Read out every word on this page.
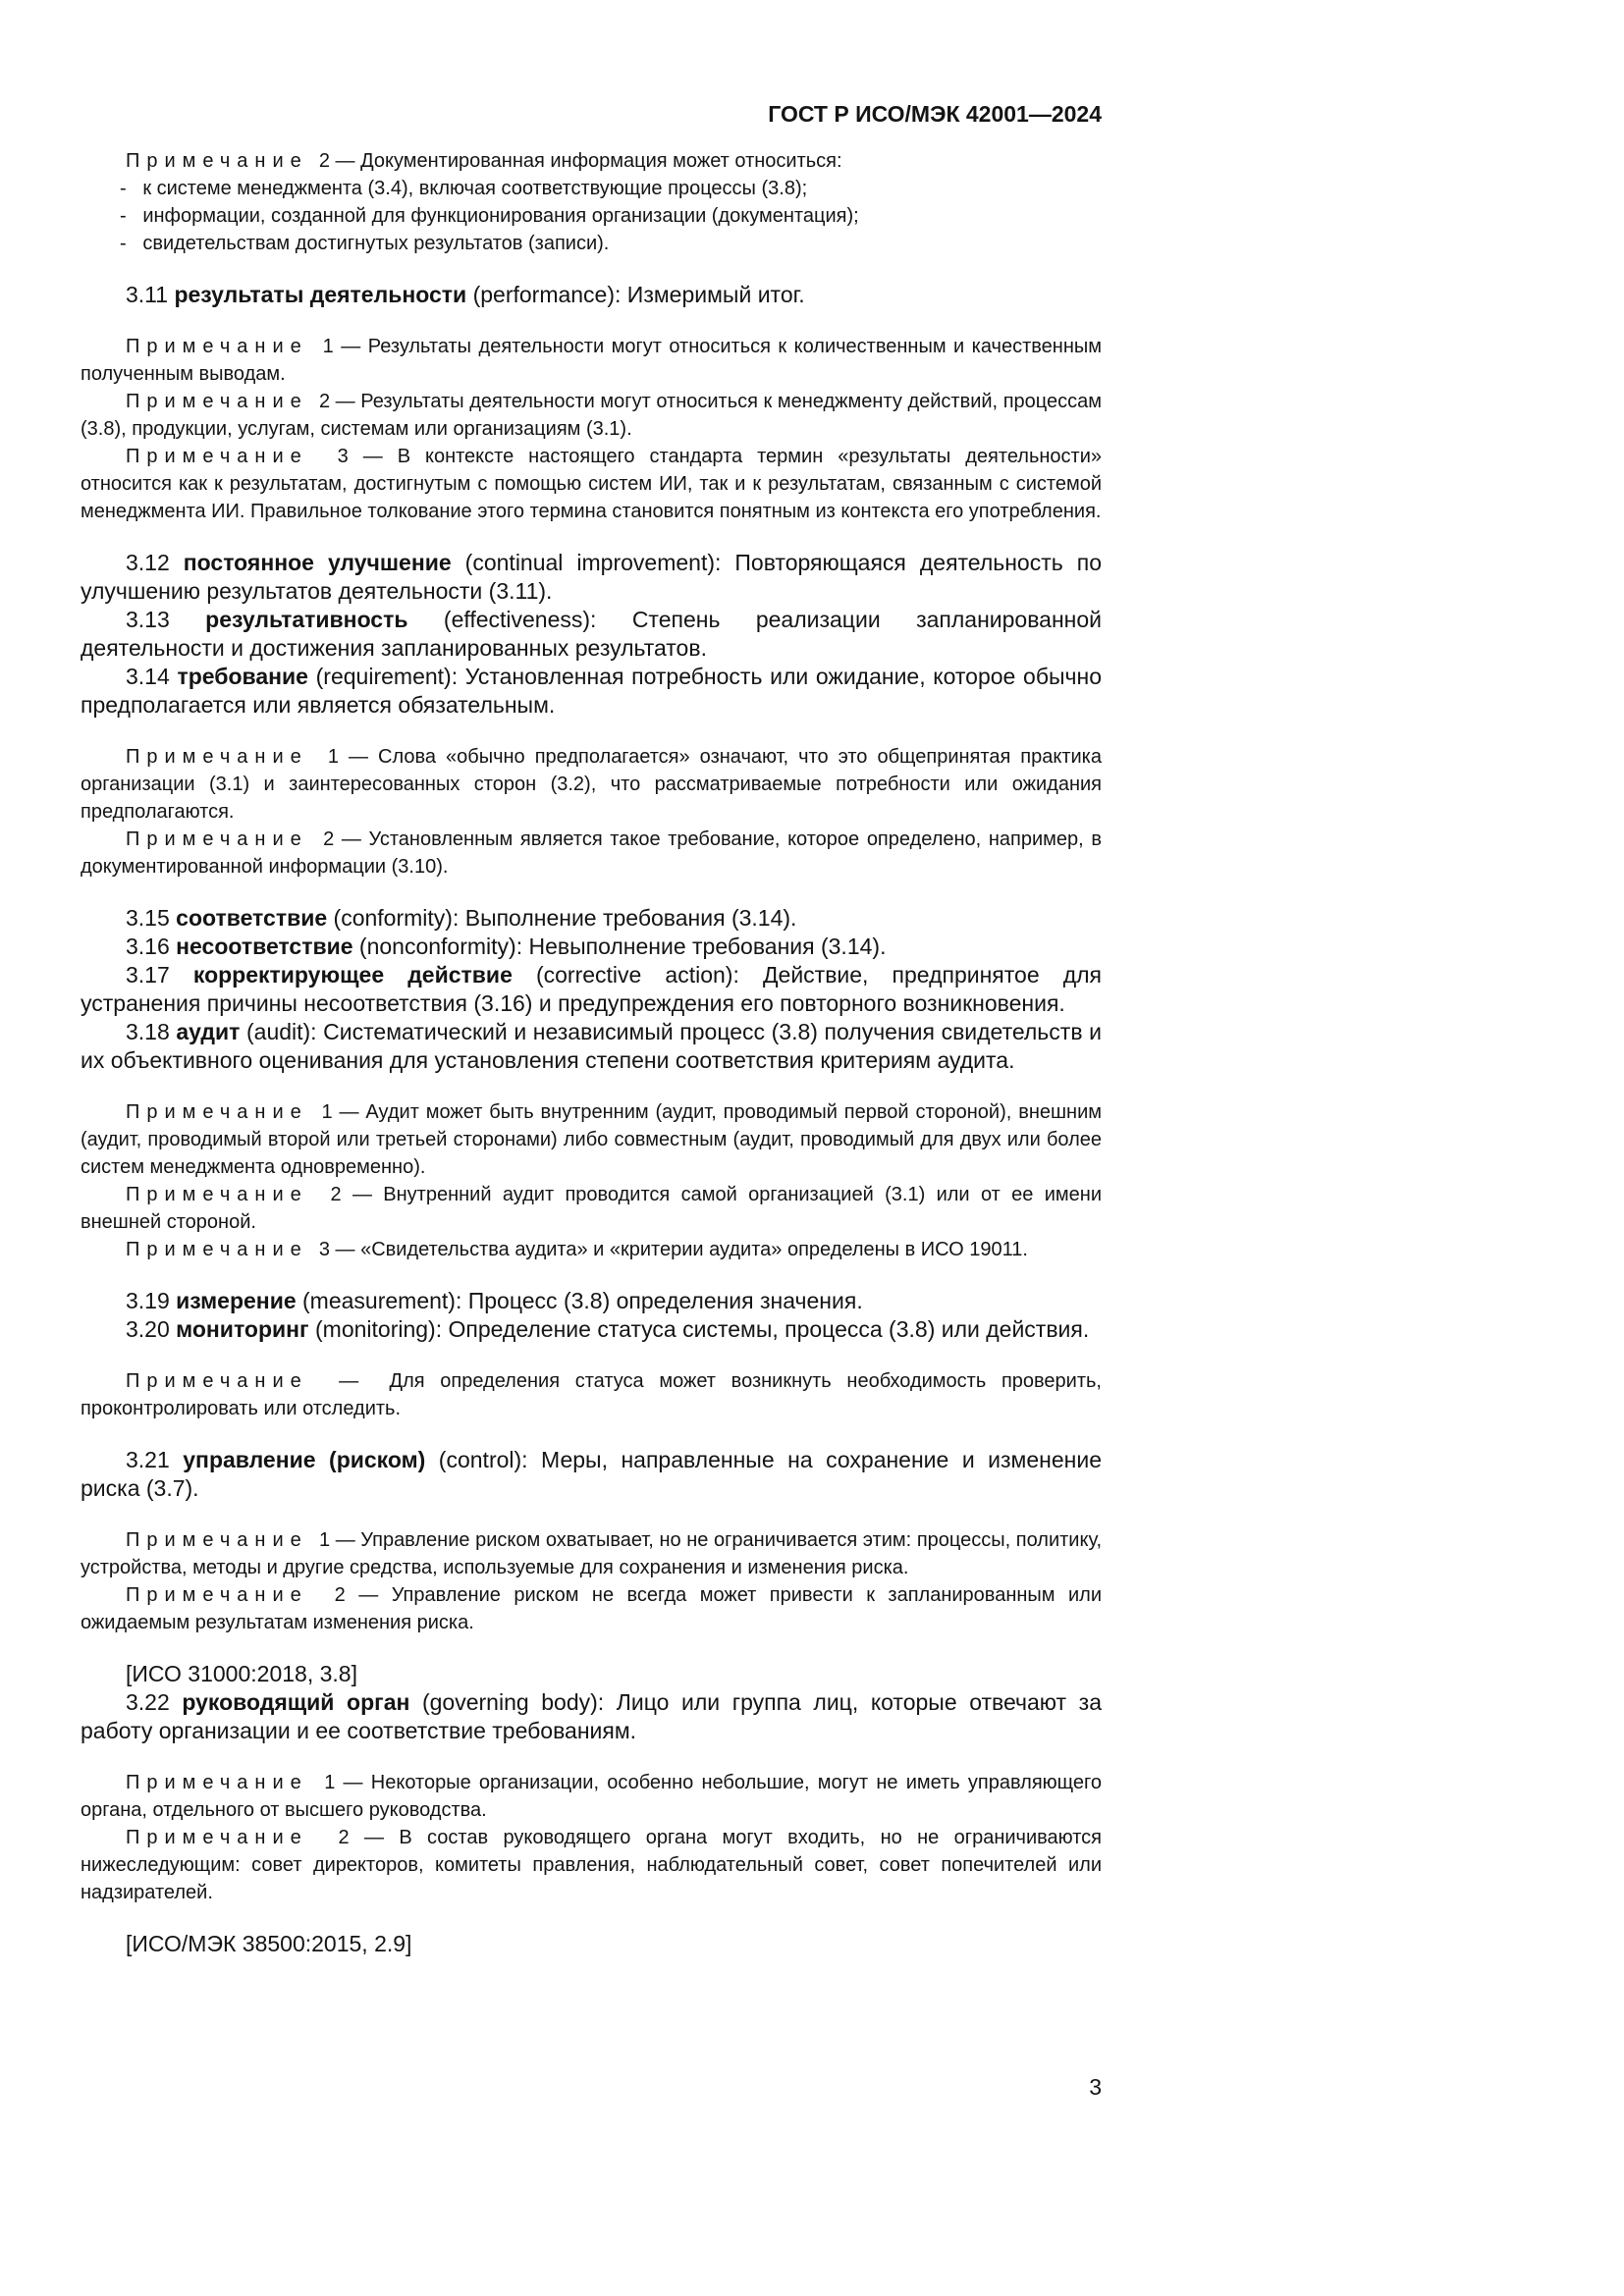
ГОСТ Р ИСО/МЭК 42001—2024

Примечание  2 — Документированная информация может относиться:

-   к системе менеджмента (3.4), включая соответствующие процессы (3.8);

-   информации, созданной для функционирования организации (документация);

-   свидетельствам достигнутых результатов (записи).

3.11 результаты деятельности (performance): Измеримый итог.

Примечание  1 — Результаты деятельности могут относиться к количественным и качественным полученным выводам.

Примечание  2 — Результаты деятельности могут относиться к менеджменту действий, процессам (3.8), продукции, услугам, системам или организациям (3.1).

Примечание  3 — В контексте настоящего стандарта термин «результаты деятельности» относится как к результатам, достигнутым с помощью систем ИИ, так и к результатам, связанным с системой менеджмента ИИ. Правильное толкование этого термина становится понятным из контекста его употребления.

3.12 постоянное улучшение (continual improvement): Повторяющаяся деятельность по улучшению результатов деятельности (3.11).

3.13 результативность (effectiveness): Степень реализации запланированной деятельности и достижения запланированных результатов.

3.14 требование (requirement): Установленная потребность или ожидание, которое обычно предполагается или является обязательным.

Примечание  1 — Слова «обычно предполагается» означают, что это общепринятая практика организации (3.1) и заинтересованных сторон (3.2), что рассматриваемые потребности или ожидания предполагаются.

Примечание  2 — Установленным является такое требование, которое определено, например, в документированной информации (3.10).

3.15 соответствие (conformity): Выполнение требования (3.14).

3.16 несоответствие (nonconformity): Невыполнение требования (3.14).

3.17 корректирующее действие (corrective action): Действие, предпринятое для устранения причины несоответствия (3.16) и предупреждения его повторного возникновения.

3.18 аудит (audit): Систематический и независимый процесс (3.8) получения свидетельств и их объективного оценивания для установления степени соответствия критериям аудита.

Примечание  1 — Аудит может быть внутренним (аудит, проводимый первой стороной), внешним (аудит, проводимый второй или третьей сторонами) либо совместным (аудит, проводимый для двух или более систем менеджмента одновременно).

Примечание  2 — Внутренний аудит проводится самой организацией (3.1) или от ее имени внешней стороной.

Примечание  3 — «Свидетельства аудита» и «критерии аудита» определены в ИСО 19011.

3.19 измерение (measurement): Процесс (3.8) определения значения.

3.20 мониторинг (monitoring): Определение статуса системы, процесса (3.8) или действия.

Примечание  —  Для определения статуса может возникнуть необходимость проверить, проконтролировать или отследить.

3.21 управление (риском) (control): Меры, направленные на сохранение и изменение риска (3.7).

Примечание  1 — Управление риском охватывает, но не ограничивается этим: процессы, политику, устройства, методы и другие средства, используемые для сохранения и изменения риска.

Примечание  2 — Управление риском не всегда может привести к запланированным или ожидаемым результатам изменения риска.

[ИСО 31000:2018, 3.8]

3.22 руководящий орган (governing body): Лицо или группа лиц, которые отвечают за работу организации и ее соответствие требованиям.

Примечание  1 — Некоторые организации, особенно небольшие, могут не иметь управляющего органа, отдельного от высшего руководства.

Примечание  2 — В состав руководящего органа могут входить, но не ограничиваются нижеследующим: совет директоров, комитеты правления, наблюдательный совет, совет попечителей или надзирателей.

[ИСО/МЭК 38500:2015, 2.9]

3
